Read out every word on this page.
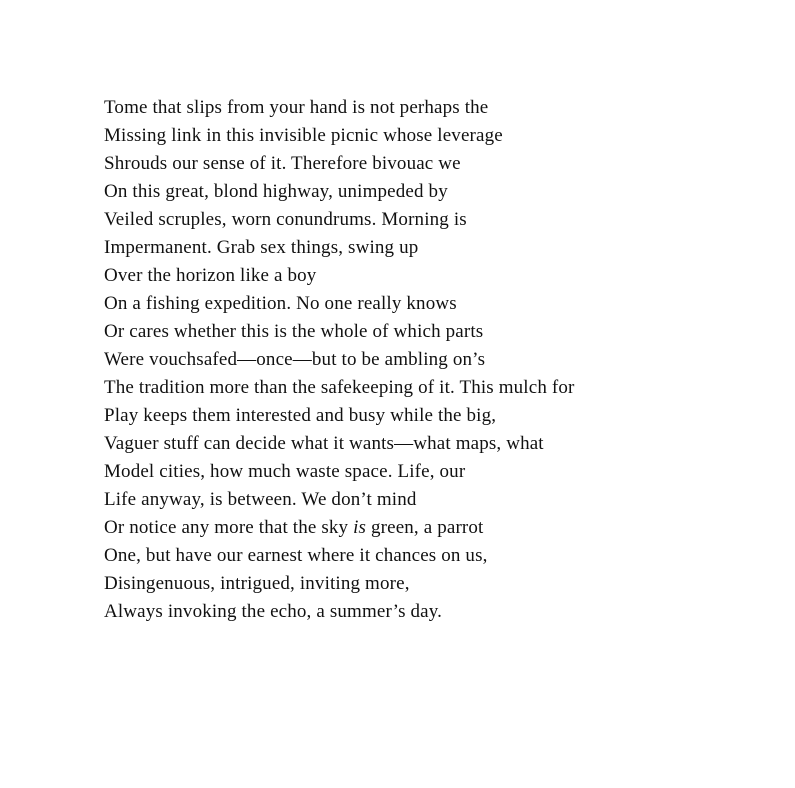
Tome that slips from your hand is not perhaps the
Missing link in this invisible picnic whose leverage
Shrouds our sense of it. Therefore bivouac we
On this great, blond highway, unimpeded by
Veiled scruples, worn conundrums. Morning is
Impermanent. Grab sex things, swing up
Over the horizon like a boy
On a fishing expedition. No one really knows
Or cares whether this is the whole of which parts
Were vouchsafed—once—but to be ambling on’s
The tradition more than the safekeeping of it. This mulch for
Play keeps them interested and busy while the big,
Vaguer stuff can decide what it wants—what maps, what
Model cities, how much waste space. Life, our
Life anyway, is between. We don’t mind
Or notice any more that the sky is green, a parrot
One, but have our earnest where it chances on us,
Disingenuous, intrigued, inviting more,
Always invoking the echo, a summer’s day.
